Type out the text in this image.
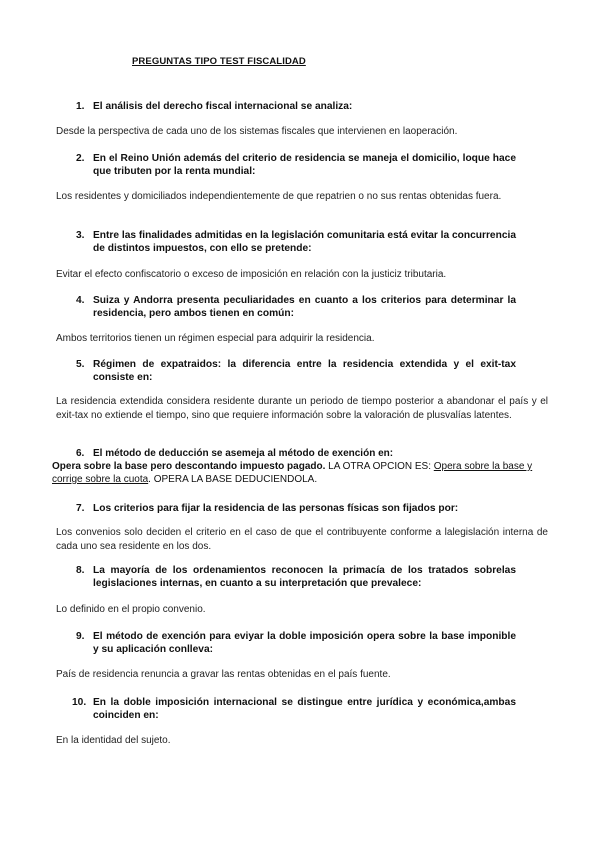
PREGUNTAS TIPO TEST FISCALIDAD
1. El análisis del derecho fiscal internacional se analiza:
Desde la perspectiva de cada uno de los sistemas fiscales que intervienen en laoperación.
2. En el Reino Unión además del criterio de residencia se maneja el domicilio, loque hace que tributen por la renta mundial:
Los residentes y domiciliados independientemente de que repatrien o no sus rentas obtenidas fuera.
3. Entre las finalidades admitidas en la legislación comunitaria está evitar la concurrencia de distintos impuestos, con ello se pretende:
Evitar el efecto confiscatorio o exceso de imposición en relación con la justiciz tributaria.
4. Suiza y Andorra presenta peculiaridades en cuanto a los criterios para determinar la residencia, pero ambos tienen en común:
Ambos territorios tienen un régimen especial para adquirir la residencia.
5. Régimen de expatraidos: la diferencia entre la residencia extendida y el exit-tax consiste en:
La residencia extendida considera residente durante un periodo de tiempo posterior a abandonar el país y el exit-tax no extiende el tiempo, sino que requiere información sobre la valoración de plusvalías latentes.
6. El método de deducción se asemeja al método de exención en:
Opera sobre la base pero descontando impuesto pagado. LA OTRA OPCION ES: Opera sobre la base y corrige sobre la cuota. OPERA LA BASE DEDUCIENDOLA.
7. Los criterios para fijar la residencia de las personas físicas son fijados por:
Los convenios solo deciden el criterio en el caso de que el contribuyente conforme a lalegislación interna de cada uno sea residente en los dos.
8. La mayoría de los ordenamientos reconocen la primacía de los tratados sobrelas legislaciones internas, en cuanto a su interpretación que prevalece:
Lo definido en el propio convenio.
9. El método de exención para eviyar la doble imposición opera sobre la base imponible y su aplicación conlleva:
País de residencia renuncia a gravar las rentas obtenidas en el país fuente.
10. En la doble imposición internacional se distingue entre jurídica y económica,ambas coinciden en:
En la identidad del sujeto.
